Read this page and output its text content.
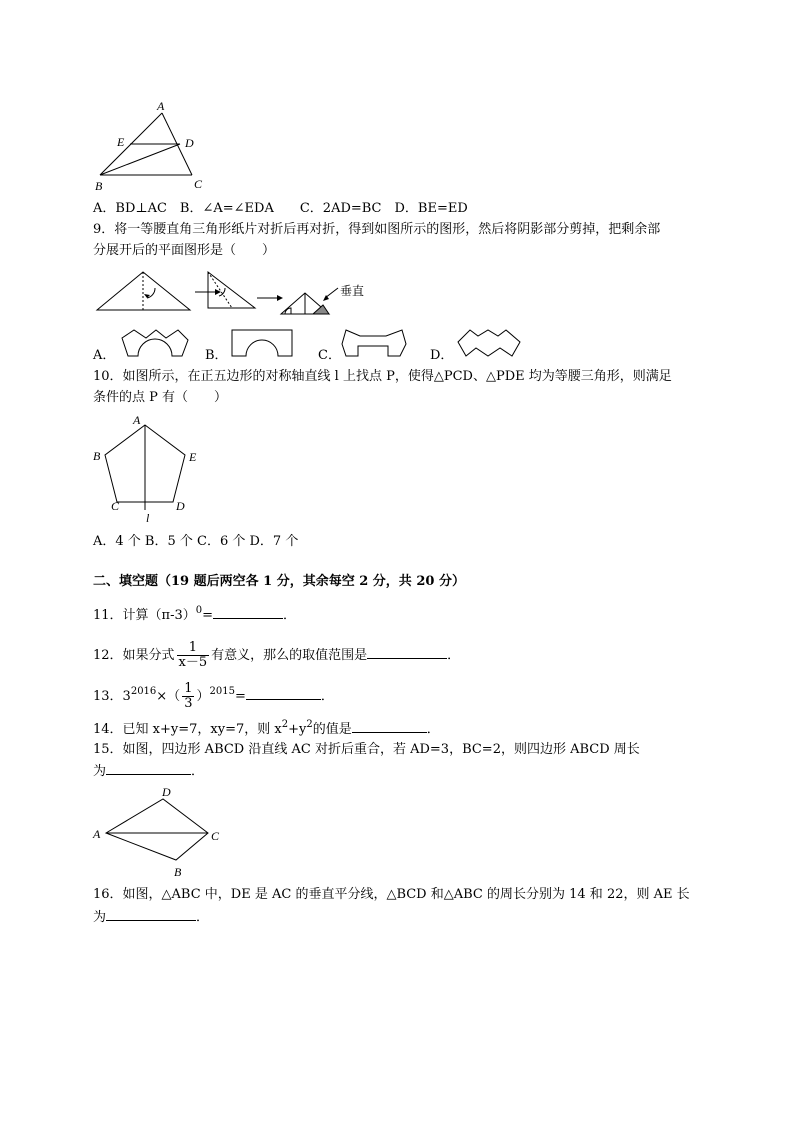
A
E	D
B	C
A．BD⊥AC　B．∠A=∠EDA　　C．2AD=BC　D．BE=ED
9．将一等腰直角三角形纸片对折后再对折，得到如图所示的图形，然后将阴影部分剪掉，把剩余部
分展开后的平面图形是（　　）
垂直
A．	B．	C．	D．
10．如图所示，在正五边形的对称轴直线 l 上找点 P，使得△PCD、△PDE 均为等腰三角形，则满足
条件的点 P 有（　　）
A
B	E
C	D
l
A．4 个 B．5 个 C．6 个 D．7 个
二、填空题（19 题后两空各 1 分，其余每空 2 分，共 20 分）
11．计算$(\pi-3)^0=$	．
12．如果分式 $\frac{1}{x-5}$ 有意义，那么的取值范围是	．
13．$3^{2016}\times( \frac{1}{3} )^{2015}=$	．
14．已知 x+y=7，xy=7，则 $x^2+y^2$的值是	．
15．如图，四边形 ABCD 沿直线 AC 对折后重合，若 AD=3，BC=2，则四边形 ABCD 周长
为	．
D
A	C
B
16．如图，△ABC 中，DE 是 AC 的垂直平分线，△BCD 和△ABC 的周长分别为 14 和 22，则 AE 长
为	．
